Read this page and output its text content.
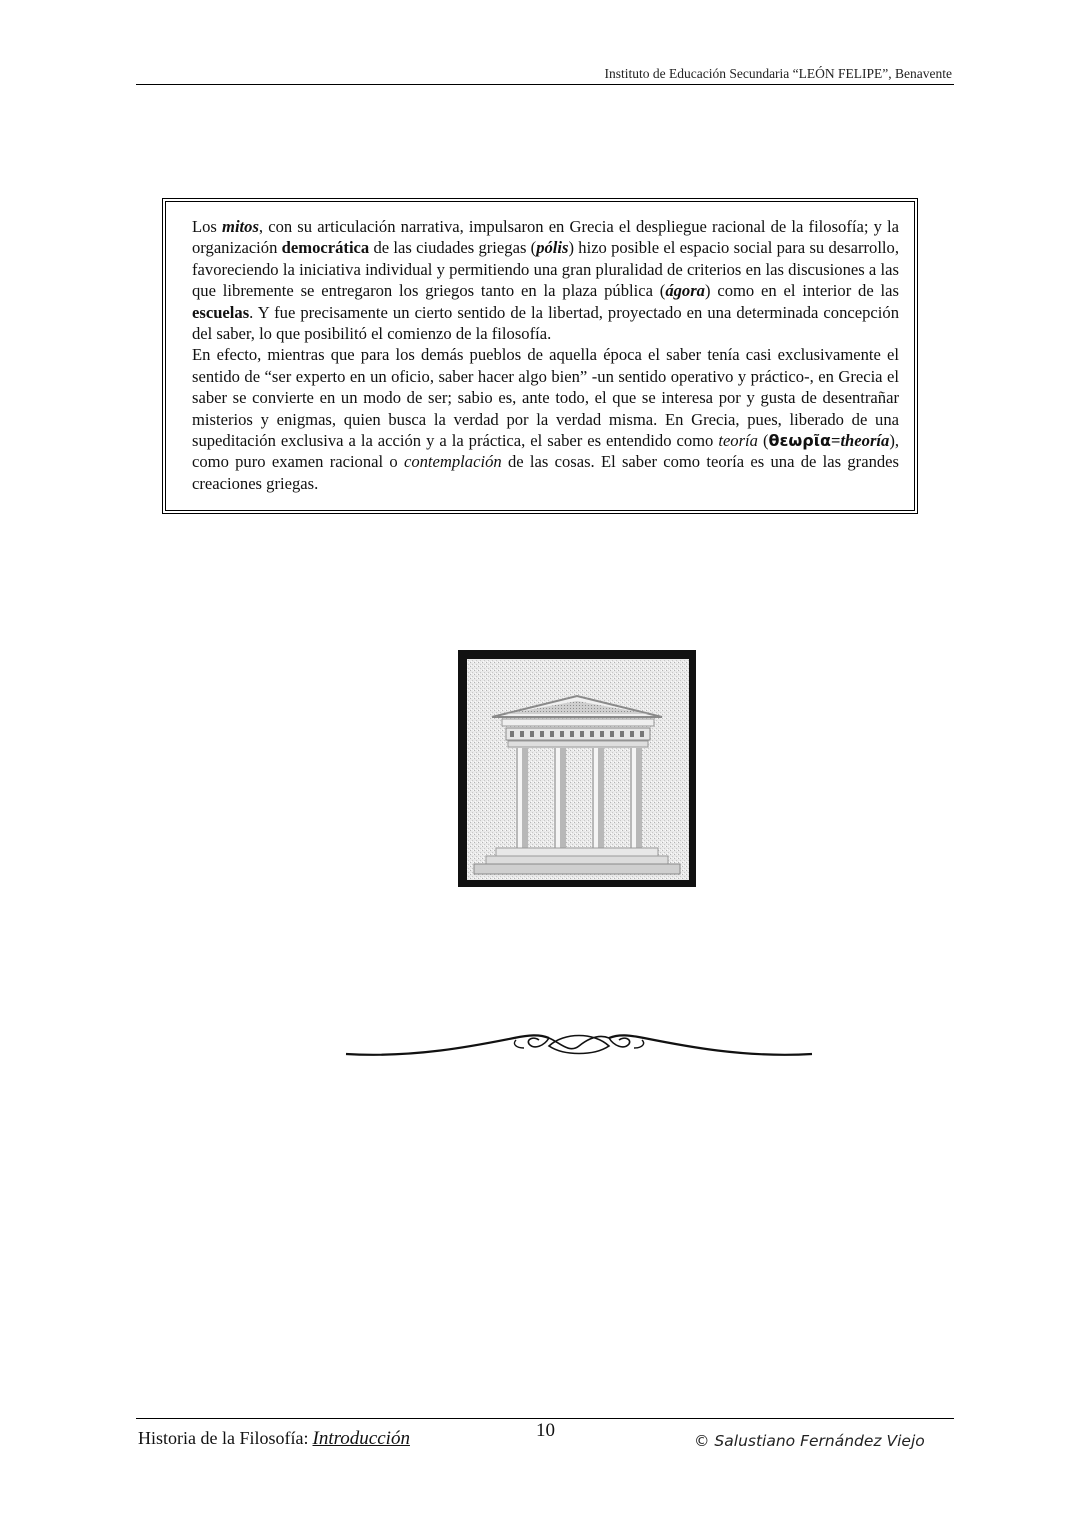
Instituto de Educación Secundaria “LEÓN FELIPE”, Benavente

Los mitos, con su articulación narrativa, impulsaron en Grecia el despliegue racional de la filosofía; y la organización democrática de las ciudades griegas (pólis) hizo posible el espacio social para su desarrollo, favoreciendo la iniciativa individual y permitiendo una gran pluralidad de criterios en las discusiones a las que libremente se entregaron los griegos tanto en la plaza pública (ágora) como en el interior de las escuelas. Y fue precisamente un cierto sentido de la libertad, proyectado en una determinada concepción del saber, lo que posibilitó el comienzo de la filosofía.

En efecto, mientras que para los demás pueblos de aquella época el saber tenía casi exclusivamente el sentido de “ser experto en un oficio, saber hacer algo bien” -un sentido operativo y práctico-, en Grecia el saber se convierte en un modo de ser; sabio es, ante todo, el que se interesa por y gusta de desentrañar misterios y enigmas, quien busca la verdad por la verdad misma. En Grecia, pues, liberado de una supeditación exclusiva a la acción y a la práctica, el saber es entendido como teoría (θεωρῖα=theoría), como puro examen racional o contemplación de las cosas. El saber como teoría es una de las grandes creaciones griegas.

Historia de la Filosofía: Introducción	10	© Salustiano Fernández Viejo
